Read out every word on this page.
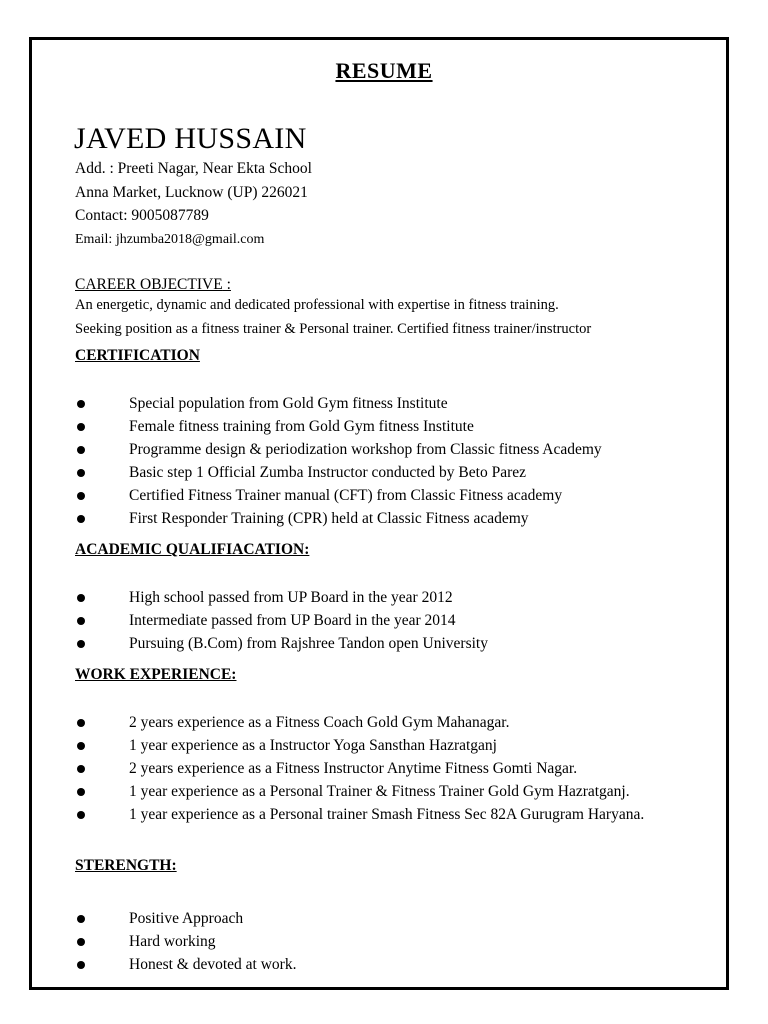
RESUME
JAVED HUSSAIN
Add. : Preeti Nagar, Near Ekta School
Anna Market, Lucknow (UP) 226021
Contact: 9005087789
Email: jhzumba2018@gmail.com
CAREER OBJECTIVE :
An energetic, dynamic and dedicated professional with expertise in fitness training.
Seeking position as a fitness trainer & Personal trainer. Certified fitness trainer/instructor
CERTIFICATION
Special population from Gold Gym fitness Institute
Female fitness training from Gold Gym fitness Institute
Programme design & periodization workshop from Classic fitness Academy
Basic step 1 Official Zumba Instructor conducted by Beto Parez
Certified Fitness Trainer manual (CFT) from Classic Fitness academy
First Responder Training (CPR) held at Classic Fitness academy
ACADEMIC QUALIFIACATION:
High school passed from UP Board in the year 2012
Intermediate passed from UP Board in the year 2014
Pursuing (B.Com) from Rajshree Tandon open University
WORK EXPERIENCE:
2 years experience as a Fitness Coach Gold Gym Mahanagar.
1 year experience as a Instructor Yoga Sansthan Hazratganj
2 years experience as a Fitness Instructor Anytime Fitness Gomti Nagar.
1 year experience as a Personal Trainer & Fitness Trainer Gold Gym Hazratganj.
1 year experience as a Personal trainer Smash Fitness Sec 82A Gurugram Haryana.
STERENGTH:
Positive Approach
Hard working
Honest & devoted at work.
